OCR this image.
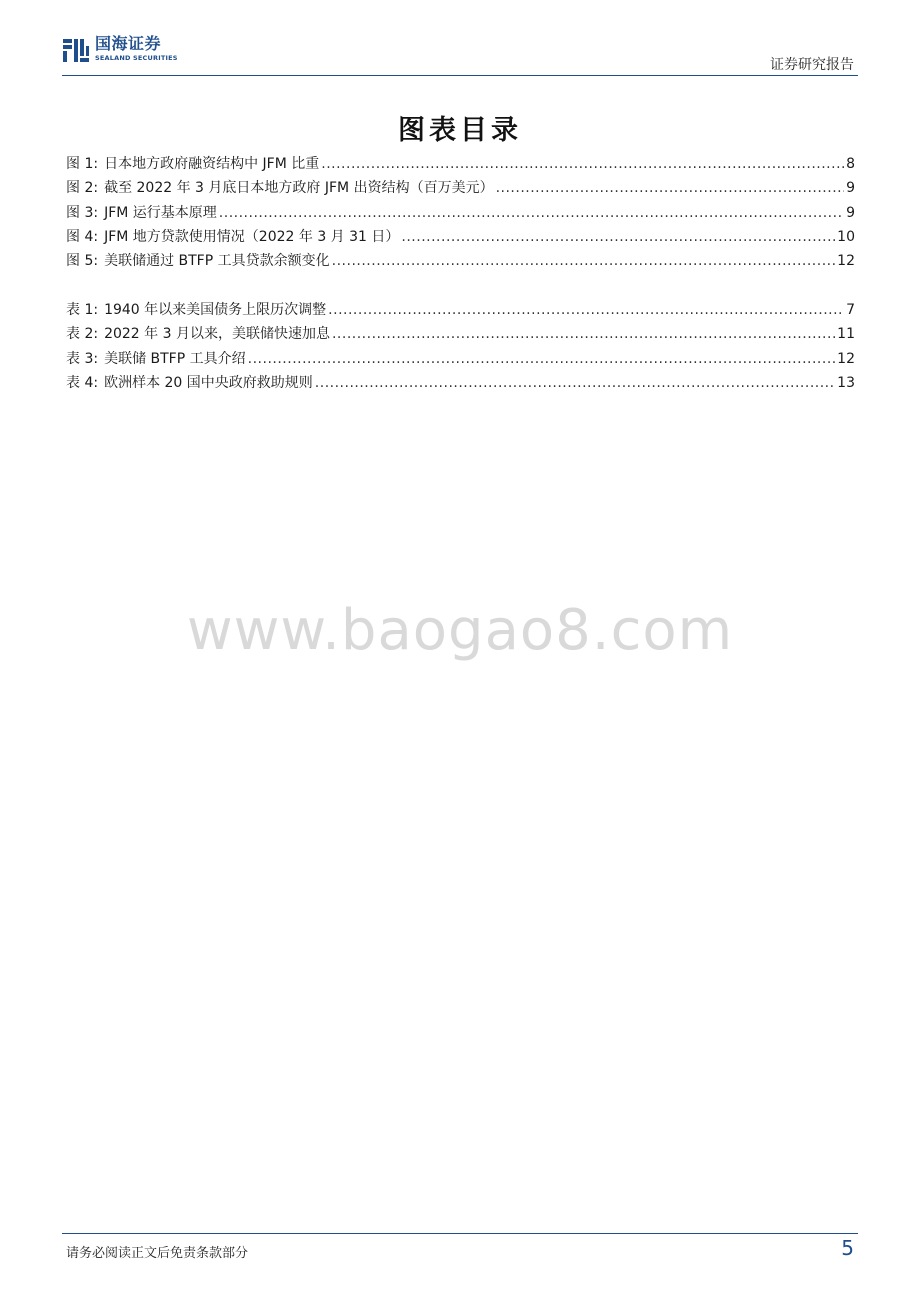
国海证券
SEALAND SECURITIES	证券研究报告
图表目录
图 1: 日本地方政府融资结构中 JFM 比重 .....	8
图 2: 截至 2022 年 3 月底日本地方政府 JFM 出资结构（百万美元） .....	9
图 3: JFM 运行基本原理 .....	9
图 4: JFM 地方贷款使用情况（2022 年 3 月 31 日） .....	10
图 5: 美联储通过 BTFP 工具贷款余额变化 .....	12
表 1: 1940 年以来美国债务上限历次调整 .....	7
表 2: 2022 年 3 月以来，美联储快速加息 .....	11
表 3: 美联储 BTFP 工具介绍 .....	12
表 4: 欧洲样本 20 国中央政府救助规则 .....	13
www.baogao8.com
请务必阅读正文后免责条款部分	5
